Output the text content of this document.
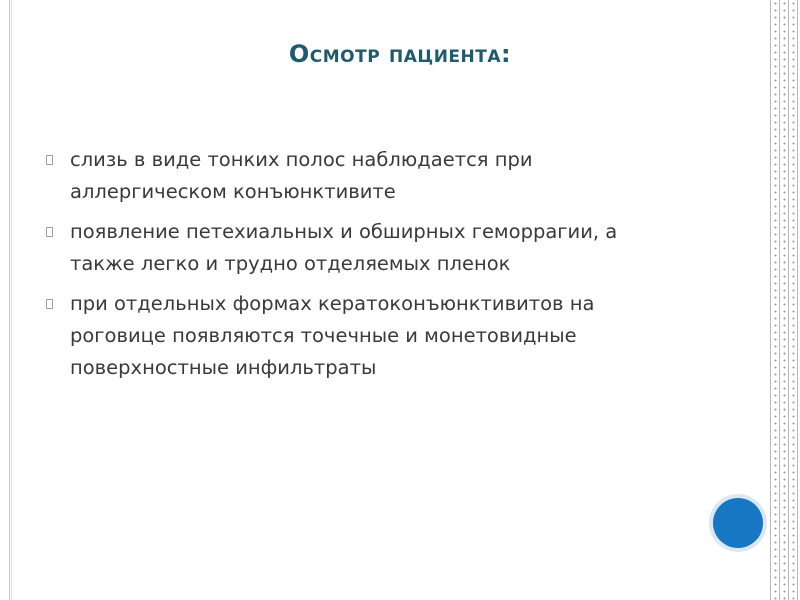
Осмотр пациента:
слизь в виде тонких полос наблюдается при аллергическом конъюнктивите
появление петехиальных и обширных геморрагии, а также легко и трудно отделяемых пленок
при отдельных формах кератоконъюнктивитов на роговице появляются точечные и монетовидные поверхностные инфильтраты
